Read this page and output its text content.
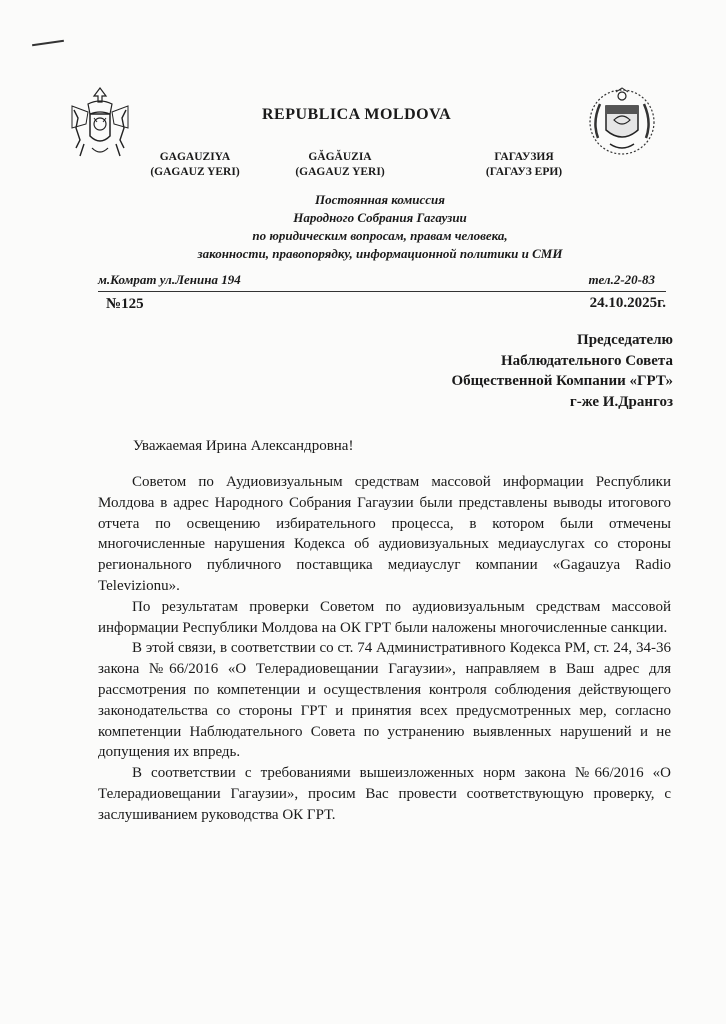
REPUBLICA MOLDOVA
GAGAUZIYA
(GAGAUZ YERI)
GĂGĂUZIA
(GAGAUZ YERI)
ГАГАУЗИЯ
(ГАГАУЗ ЕРИ)
Постоянная комиссия
Народного Собрания Гагаузии
по юридическим вопросам, правам человека,
законности, правопорядку, информационной политики и СМИ
м.Комрат ул.Ленина 194	тел.2-20-83
№125	24.10.2025г.
Председателю
Наблюдательного Совета
Общественной Компании «ГРТ»
г-же И.Дрангоз
Уважаемая Ирина Александровна!

Советом по Аудиовизуальным средствам массовой информации Республики Молдова в адрес Народного Собрания Гагаузии были представлены выводы итогового отчета по освещению избирательного процесса, в котором были отмечены многочисленные нарушения Кодекса об аудиовизуальных медиауслугах со стороны регионального публичного поставщика медиауслуг компании «Gagauzya Radio Televizionu».

По результатам проверки Советом по аудиовизуальным средствам массовой информации Республики Молдова на ОК ГРТ были наложены многочисленные санкции.

В этой связи, в соответствии со ст. 74 Административного Кодекса РМ, ст. 24, 34-36 закона №66/2016 «О Телерадиовещании Гагаузии», направляем в Ваш адрес для рассмотрения по компетенции и осуществления контроля соблюдения действующего законодательства со стороны ГРТ и принятия всех предусмотренных мер, согласно компетенции Наблюдательного Совета по устранению выявленных нарушений и не допущения их впредь.

В соответствии с требованиями вышеизложенных норм закона №66/2016 «О Телерадиовещании Гагаузии», просим Вас провести соответствующую проверку, с заслушиванием руководства ОК ГРТ.
